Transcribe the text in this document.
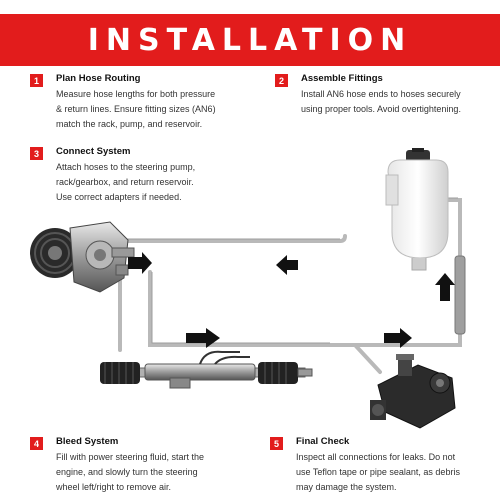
INSTALLATION
1	Plan Hose Routing
Measure hose lengths for both pressure
& return lines. Ensure fitting sizes (AN6)
match the rack, pump, and reservoir.
2	Assemble Fittings
Install AN6 hose ends to hoses securely
using proper tools. Avoid overtightening.
3	Connect System
Attach hoses to the steering pump,
rack/gearbox, and return reservoir.
Use correct adapters if needed.
4	Bleed System
Fill with power steering fluid, start the
engine, and slowly turn the steering
wheel left/right to remove air.
5	Final Check
Inspect all connections for leaks. Do not
use Teflon tape or pipe sealant, as debris
may damage the system.
